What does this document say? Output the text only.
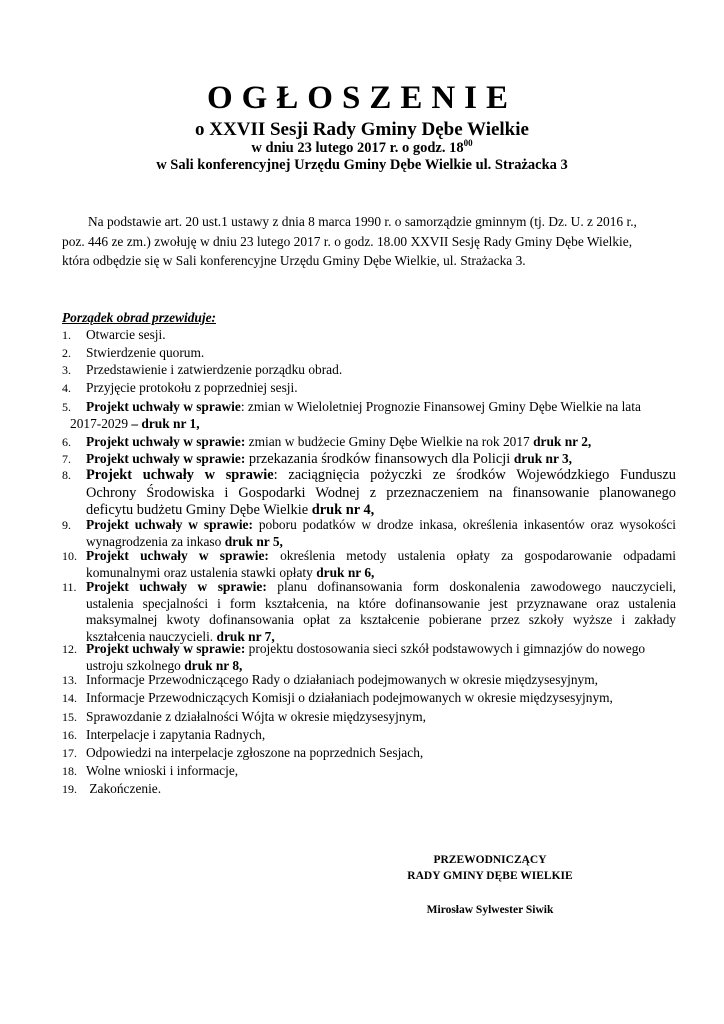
OGŁOSZENIE
o XXVII Sesji Rady Gminy Dębe Wielkie
w dniu 23 lutego 2017 r. o godz. $18^{00}$
w Sali konferencyjnej Urzędu Gminy Dębe Wielkie ul. Strażacka 3
Na podstawie art. 20 ust.1 ustawy z dnia 8 marca 1990 r. o samorządzie gminnym (tj. Dz. U. z 2016 r.,
poz. 446 ze zm.) zwołuję w dniu 23 lutego 2017 r. o godz. 18.00 XXVII Sesję Rady Gminy Dębe Wielkie,
która odbędzie się w Sali konferencyjne Urzędu Gminy Dębe Wielkie, ul. Strażacka 3.
Porządek obrad przewiduje:
1.	Otwarcie sesji.
2.	Stwierdzenie quorum.
3.	Przedstawienie i zatwierdzenie porządku obrad.
4.	Przyjęcie protokołu z poprzedniej sesji.
5.	Projekt uchwały w sprawie: zmian w Wieloletniej Prognozie Finansowej Gminy Dębe Wielkie na lata
2017-2029 – druk nr 1,
6.	Projekt uchwały w sprawie: zmian w budżecie Gminy Dębe Wielkie na rok 2017 druk nr 2,
7.	Projekt uchwały w sprawie: przekazania środków finansowych dla Policji druk nr 3,
8.	Projekt uchwały w sprawie: zaciągnięcia pożyczki ze środków Wojewódzkiego Funduszu
Ochrony Środowiska i Gospodarki Wodnej z przeznaczeniem na finansowanie planowanego
deficytu budżetu Gminy Dębe Wielkie druk nr 4,
9.	Projekt uchwały w sprawie: poboru podatków w drodze inkasa, określenia inkasentów oraz wysokości
wynagrodzenia za inkaso druk nr 5,
10. Projekt uchwały w sprawie: określenia metody ustalenia opłaty za gospodarowanie odpadami
komunalnymi oraz ustalenia stawki opłaty druk nr 6,
11. Projekt uchwały w sprawie: planu dofinansowania form doskonalenia zawodowego nauczycieli,
ustalenia specjalności i form kształcenia, na które dofinansowanie jest przyznawane oraz ustalenia
maksymalnej kwoty dofinansowania opłat za kształcenie pobierane przez szkoły wyższe i zakłady
kształcenia nauczycieli. druk nr 7,
12. Projekt uchwały w sprawie: projektu dostosowania sieci szkół podstawowych i gimnazjów do nowego
ustroju szkolnego druk nr 8,
13. Informacje Przewodniczącego Rady o działaniach podejmowanych w okresie międzysesyjnym,
14. Informacje Przewodniczących Komisji o działaniach podejmowanych w okresie międzysesyjnym,
15. Sprawozdanie z działalności Wójta w okresie międzysesyjnym,
16. Interpelacje i zapytania Radnych,
17. Odpowiedzi na interpelacje zgłoszone na poprzednich Sesjach,
18. Wolne wnioski i informacje,
19. Zakończenie.
PRZEWODNICZĄCY
RADY GMINY DĘBE WIELKIE
Mirosław Sylwester Siwik
